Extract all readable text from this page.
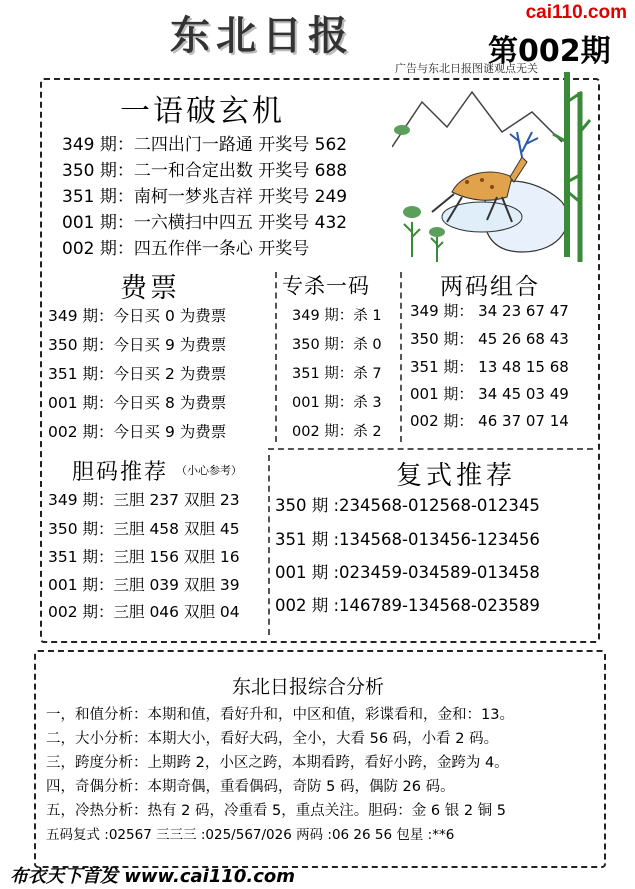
东北日报	cai110.com
第002期
广告与东北日报图谜观点无关
一语破玄机
349 期：二四出门一路通 开奖号 562
350 期：二一和合定出数 开奖号 688
351 期：南柯一梦兆吉祥 开奖号 249
001 期：一六横扫中四五 开奖号 432
002 期：四五作伴一条心 开奖号
费票
349 期：今日买 0 为费票
350 期：今日买 9 为费票
351 期：今日买 2 为费票
001 期：今日买 8 为费票
002 期：今日买 9 为费票
专杀一码
349 期：杀 1
350 期：杀 0
351 期：杀 7
001 期：杀 3
002 期：杀 2
两码组合
349 期： 34 23 67 47
350 期： 45 26 68 43
351 期： 13 48 15 68
001 期： 34 45 03 49
002 期： 46 37 07 14
胆码推荐 （小心参考）
349 期：三胆 237 双胆 23
350 期：三胆 458 双胆 45
351 期：三胆 156 双胆 16
001 期：三胆 039 双胆 39
002 期：三胆 046 双胆 04
复式推荐
350 期 :234568-012568-012345
351 期 :134568-013456-123456
001 期 :023459-034589-013458
002 期 :146789-134568-023589
东北日报综合分析
一，和值分析：本期和值，看好升和，中区和值，彩谍看和，金和：13。
二，大小分析：本期大小，看好大码，全小，大看 56 码，小看 2 码。
三，跨度分析：上期跨 2，小区之跨，本期看跨，看好小跨，金跨为 4。
四，奇偶分析：本期奇偶，重看偶码，奇防 5 码，偶防 26 码。
五，冷热分析：热有 2 码，冷重看 5，重点关注。胆码：金 6 银 2 铜 5
五码复式 :02567 三三三 :025/567/026 两码 :06 26 56 包星 :**6
布衣天下首发 www.cai110.com
